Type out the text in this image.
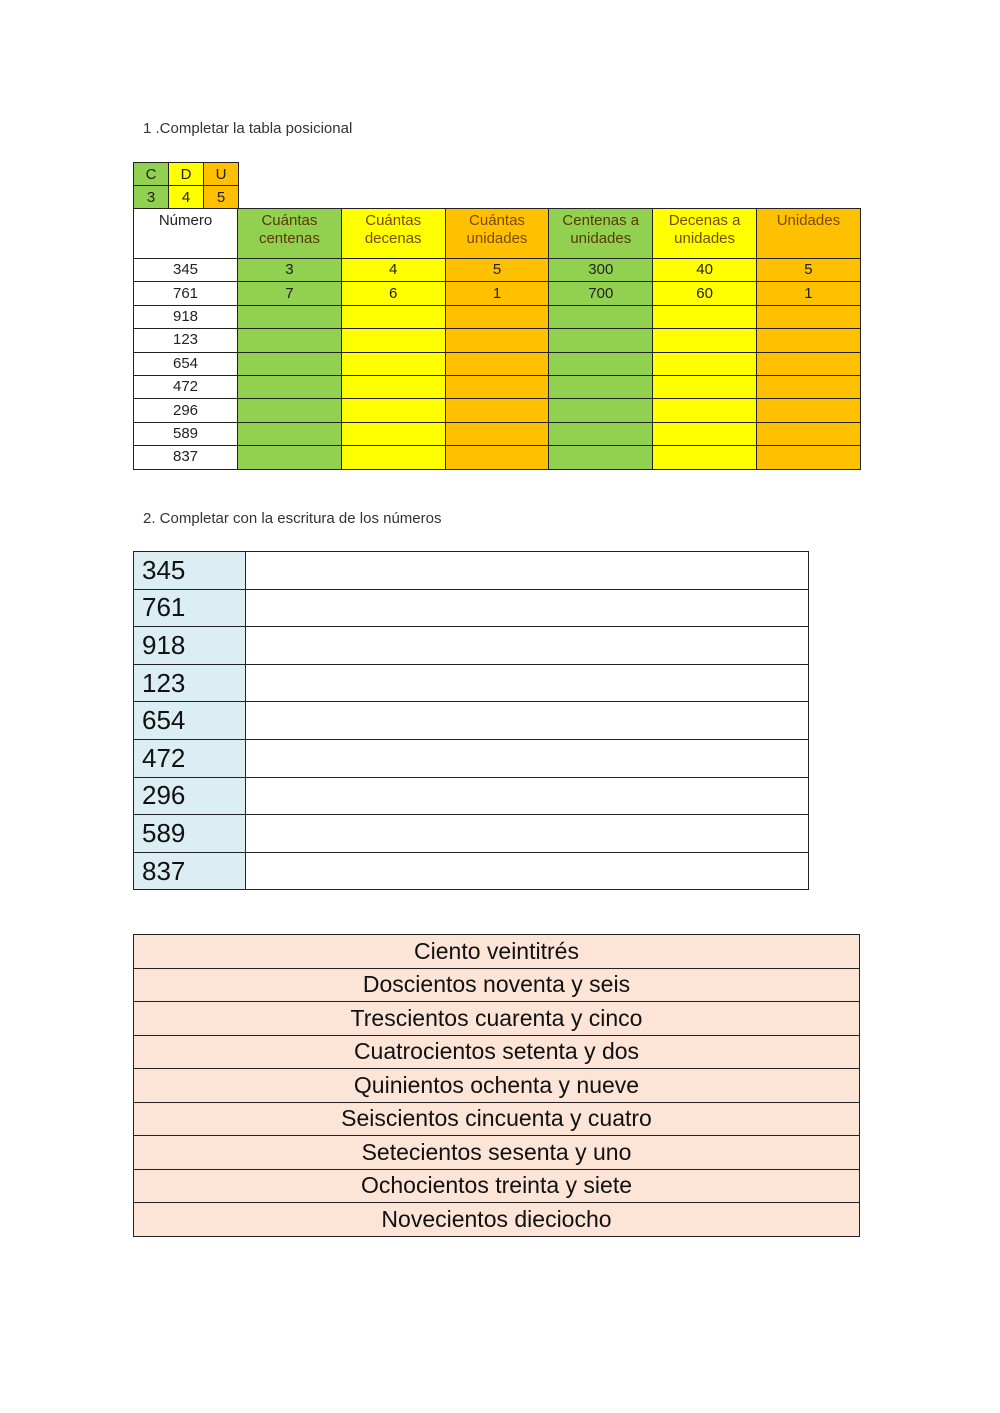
1 .Completar la tabla posicional
C	D	U
3	4	5
Número	Cuántas centenas	Cuántas decenas	Cuántas unidades	Centenas a unidades	Decenas a unidades	Unidades
345	3	4	5	300	40	5
761	7	6	1	700	60	1
918						
123						
654						
472						
296						
589						
837						
2. Completar con la escritura de los números
345	
761	
918	
123	
654	
472	
296	
589	
837	
Ciento veintitrés
Doscientos noventa y seis
Trescientos cuarenta y cinco
Cuatrocientos setenta y dos
Quinientos ochenta y nueve
Seiscientos cincuenta y cuatro
Setecientos sesenta y uno
Ochocientos treinta y siete
Novecientos dieciocho
